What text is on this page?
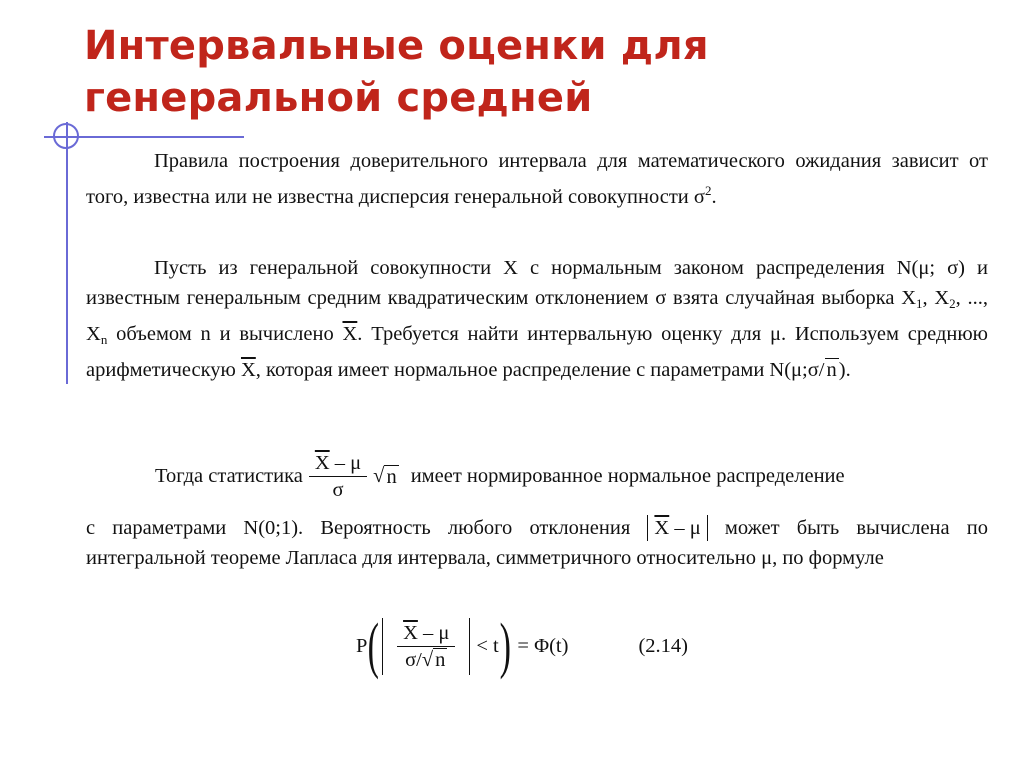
Интервальные оценки для генеральной средней
Правила построения доверительного интервала для математического ожидания зависит от того, известна или не известна дисперсия генеральной совокупности $\sigma^2$.
Пусть из генеральной совокупности X с нормальным законом распределения N(μ; σ) и известным генеральным средним квадратическим отклонением σ взята случайная выборка $X_1$, $X_2$, ..., $X_n$ объемом n и вычислено $\overline{X}$. Требуется найти интервальную оценку для μ. Используем среднюю арифметическую $\overline{X}$, которая имеет нормальное распределение с параметрами N(μ;σ/n).
Тогда статистика $\frac{\overline{X} - \mu}{\sigma}$ √ n имеет нормированное нормальное распределение
с параметрами N(0;1). Вероятность любого отклонения $\overline{X}$ – μ может быть вычислена по интегральной теореме Лапласа для интервала, симметричного относительно μ, по формуле
P ( $\frac{\overline{X} - \mu}{\sigma/√n} < t$ ) = Φ(t)	(2.14)
